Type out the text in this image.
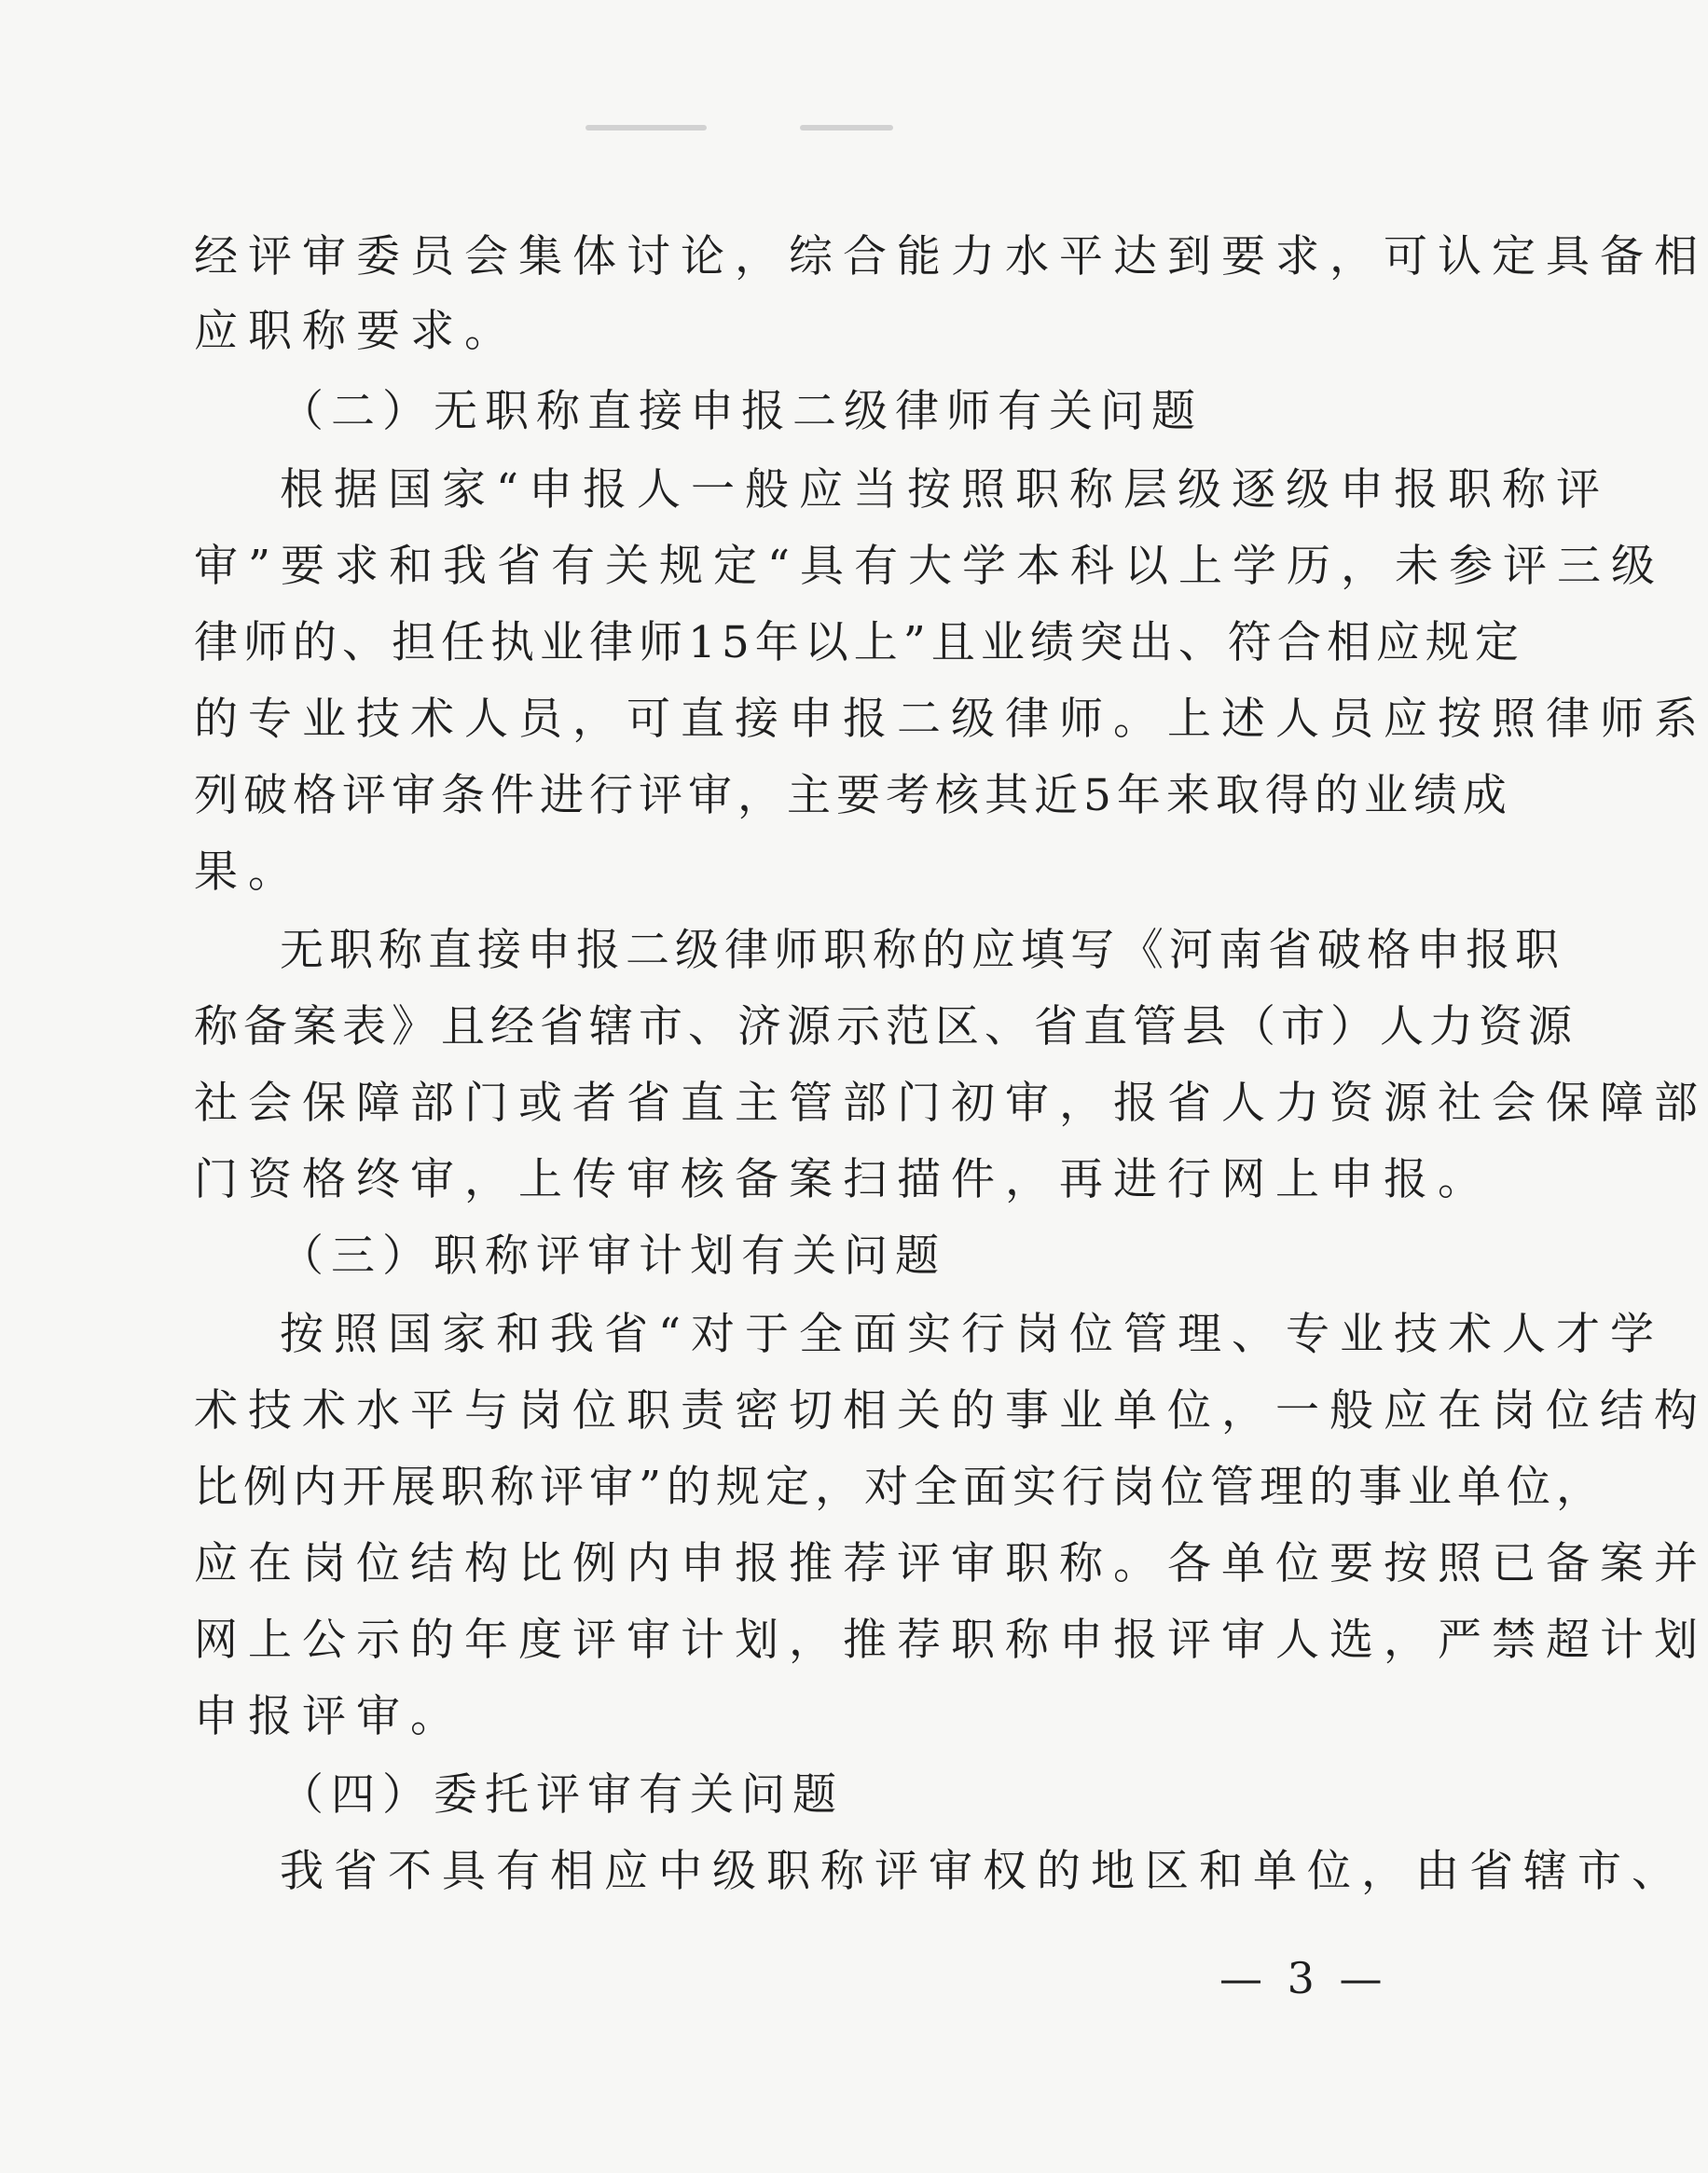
经评审委员会集体讨论，综合能力水平达到要求，可认定具备相
应职称要求。
（二）无职称直接申报二级律师有关问题
根据国家“申报人一般应当按照职称层级逐级申报职称评
审”要求和我省有关规定“具有大学本科以上学历，未参评三级
律师的、担任执业律师15年以上”且业绩突出、符合相应规定
的专业技术人员，可直接申报二级律师。上述人员应按照律师系
列破格评审条件进行评审，主要考核其近5年来取得的业绩成
果。
无职称直接申报二级律师职称的应填写《河南省破格申报职
称备案表》且经省辖市、济源示范区、省直管县（市）人力资源
社会保障部门或者省直主管部门初审，报省人力资源社会保障部
门资格终审，上传审核备案扫描件，再进行网上申报。
（三）职称评审计划有关问题
按照国家和我省“对于全面实行岗位管理、专业技术人才学
术技术水平与岗位职责密切相关的事业单位，一般应在岗位结构
比例内开展职称评审”的规定，对全面实行岗位管理的事业单位，
应在岗位结构比例内申报推荐评审职称。各单位要按照已备案并
网上公示的年度评审计划，推荐职称申报评审人选，严禁超计划
申报评审。
（四）委托评审有关问题
我省不具有相应中级职称评审权的地区和单位，由省辖市、
— 3 —
